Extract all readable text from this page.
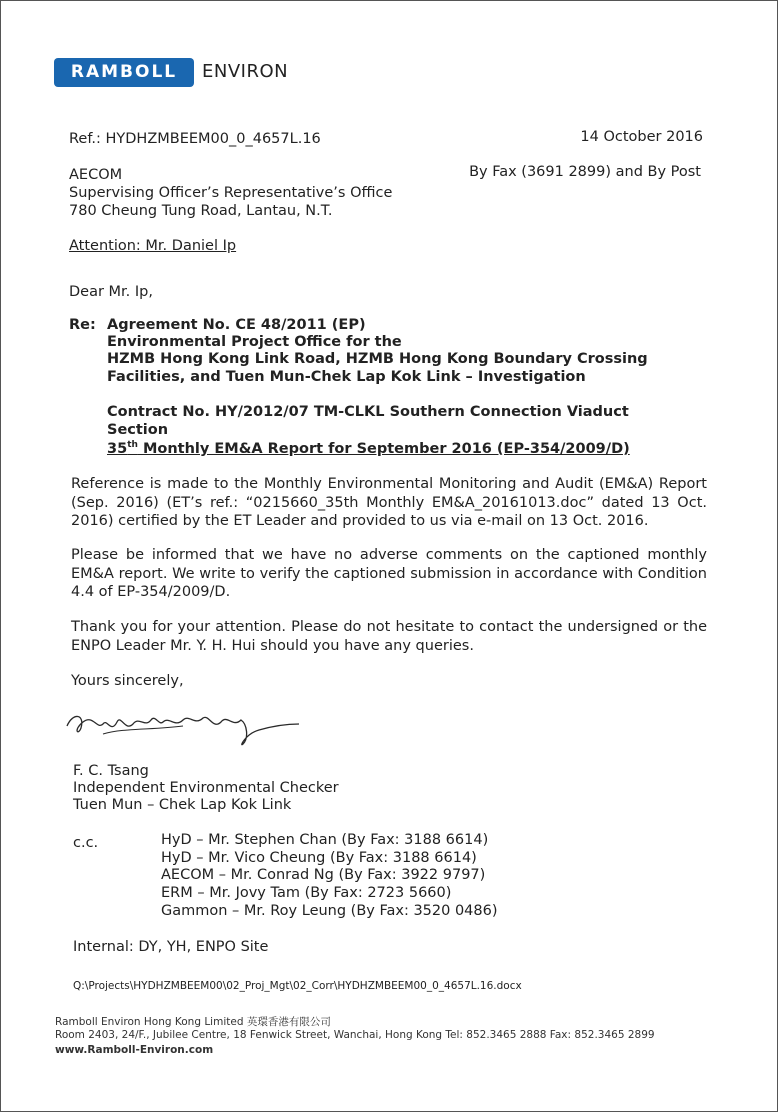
RAMBOLL	ENVIRON
Ref.: HYDHZMBEEM00_0_4657L.16	14 October 2016
By Fax (3691 2899) and By Post
AECOM
Supervising Officer’s Representative’s Office
780 Cheung Tung Road, Lantau, N.T.
Attention: Mr. Daniel Ip
Dear Mr. Ip,
Re: Agreement No. CE 48/2011 (EP)
Environmental Project Office for the
HZMB Hong Kong Link Road, HZMB Hong Kong Boundary Crossing
Facilities, and Tuen Mun-Chek Lap Kok Link – Investigation
Contract No. HY/2012/07 TM-CLKL Southern Connection Viaduct
Section
35th Monthly EM&A Report for September 2016 (EP-354/2009/D)
Reference is made to the Monthly Environmental Monitoring and Audit (EM&A) Report (Sep. 2016) (ET’s ref.: “0215660_35th Monthly EM&A_20161013.doc” dated 13 Oct. 2016) certified by the ET Leader and provided to us via e-mail on 13 Oct. 2016.
Please be informed that we have no adverse comments on the captioned monthly EM&A report. We write to verify the captioned submission in accordance with Condition 4.4 of EP-354/2009/D.
Thank you for your attention. Please do not hesitate to contact the undersigned or the ENPO Leader Mr. Y. H. Hui should you have any queries.
Yours sincerely,
F. C. Tsang
Independent Environmental Checker
Tuen Mun – Chek Lap Kok Link
c.c.	HyD – Mr. Stephen Chan (By Fax: 3188 6614)
HyD – Mr. Vico Cheung (By Fax: 3188 6614)
AECOM – Mr. Conrad Ng (By Fax: 3922 9797)
ERM – Mr. Jovy Tam (By Fax: 2723 5660)
Gammon – Mr. Roy Leung (By Fax: 3520 0486)
Internal: DY, YH, ENPO Site
Q:\Projects\HYDHZMBEEM00\02_Proj_Mgt\02_Corr\HYDHZMBEEM00_0_4657L.16.docx
Ramboll Environ Hong Kong Limited 英環香港有限公司
Room 2403, 24/F., Jubilee Centre, 18 Fenwick Street, Wanchai, Hong Kong Tel: 852.3465 2888 Fax: 852.3465 2899
www.Ramboll-Environ.com
